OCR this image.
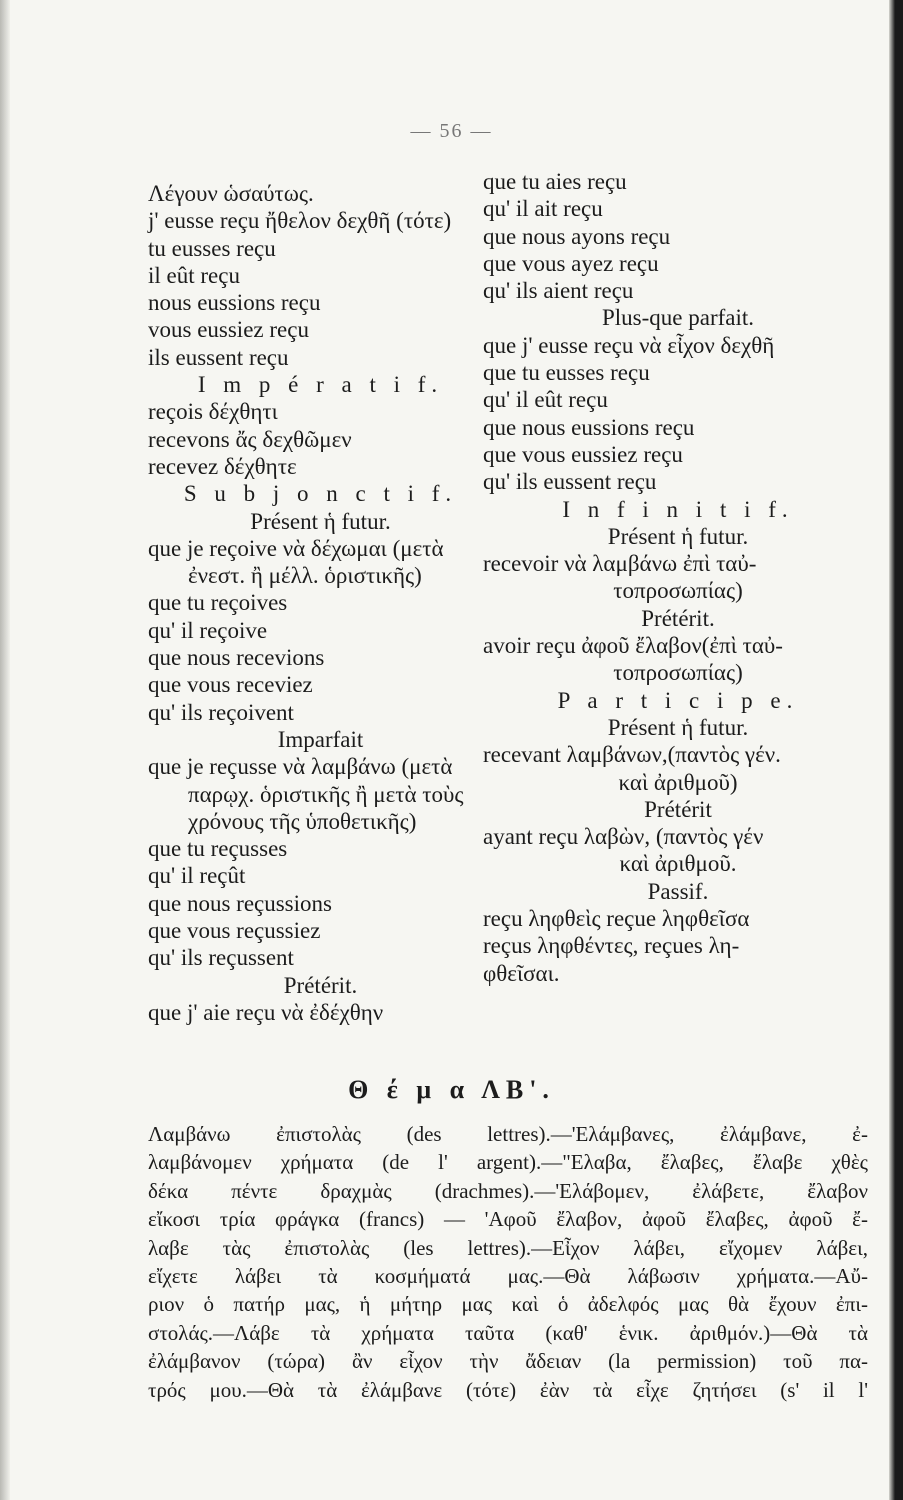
— 56 —
Λέγουν ὡσαύτως.
j' eusse reçu ἤθελον δεχθῆ (τότε)
tu eusses reçu
il eût reçu
nous eussions reçu
vous eussiez reçu
ils eussent reçu
I m p é r a t i f.
reçois δέχθητι
recevons ἄς δεχθῶμεν
recevez δέχθητε
S u b j o n c t i f.
Présent ἡ futur.
que je reçoive νὰ δέχωμαι (μετὰ
ἐνεστ. ἢ μέλλ. ὁριστικῆς)
que tu reçoives
qu' il reçoive
que nous recevions
que vous receviez
qu' ils reçoivent
Imparfait
que je reçusse νὰ λαμβάνω (μετὰ
παρῳχ. ὁριστικῆς ἢ μετὰ τοὺς
χρόνους τῆς ὑποθετικῆς)
que tu reçusses
qu' il reçût
que nous reçussions
que vous reçussiez
qu' ils reçussent
Prétérit.
que j' aie reçu νὰ ἐδέχθην
que tu aies reçu
qu' il ait reçu
que nous ayons reçu
que vous ayez reçu
qu' ils aient reçu
Plus-que parfait.
que j' eusse reçu νὰ εἶχον δεχθῆ
que tu eusses reçu
qu' il eût reçu
que nous eussions reçu
que vous eussiez reçu
qu' ils eussent reçu
I n f i n i t i f.
Présent ἡ futur.
recevoir νὰ λαμβάνω ἐπὶ ταὐ-
τοπροσωπίας)
Prétérit.
avoir reçu ἀφοῦ ἔλαβον(ἐπὶ ταὐ-
τοπροσωπίας)
P a r t i c i p e.
Présent ἡ futur.
recevant λαμβάνων,(παντὸς γέν.
καὶ ἀριθμοῦ)
Prétérit
ayant reçu λαβὼν, (παντὸς γέν
καὶ ἀριθμοῦ.
Passif.
reçu ληφθεὶς reçue ληφθεῖσα
reçus ληφθέντες, reçues λη-
φθεῖσαι.
Θ έ μ α ΛΒ'.
Λαμβάνω ἐπιστολὰς (des lettres).—'Ελάμβανες, ἐλάμβανε, ἐ-
λαμβάνομεν χρήματα (de l' argent).—"Ελαβα, ἔλαβες, ἔλαβε χθὲς
δέκα πέντε δραχμὰς (drachmes).—'Ελάβομεν, ἐλάβετε, ἔλαβον
εἴκοσι τρία φράγκα (francs) — 'Αφοῦ ἔλαβον, ἀφοῦ ἔλαβες, ἀφοῦ ἔ-
λαβε τὰς ἐπιστολὰς (les lettres).—Εἶχον λάβει, εἴχομεν λάβει,
εἴχετε λάβει τὰ κοσμήματά μας.—Θὰ λάβωσιν χρήματα.—Αὔ-
ριον ὁ πατήρ μας, ἡ μήτηρ μας καὶ ὁ ἀδελφός μας θὰ ἔχουν ἐπι-
στολάς.—Λάβε τὰ χρήματα ταῦτα (καθ' ἑνικ. ἀριθμόν.)—Θὰ τὰ
ἐλάμβανον (τώρα) ἂν εἶχον τὴν ἄδειαν (la permission) τοῦ πα-
τρός μου.—Θὰ τὰ ἐλάμβανε (τότε) ἐὰν τὰ εἶχε ζητήσει (s' il l'
